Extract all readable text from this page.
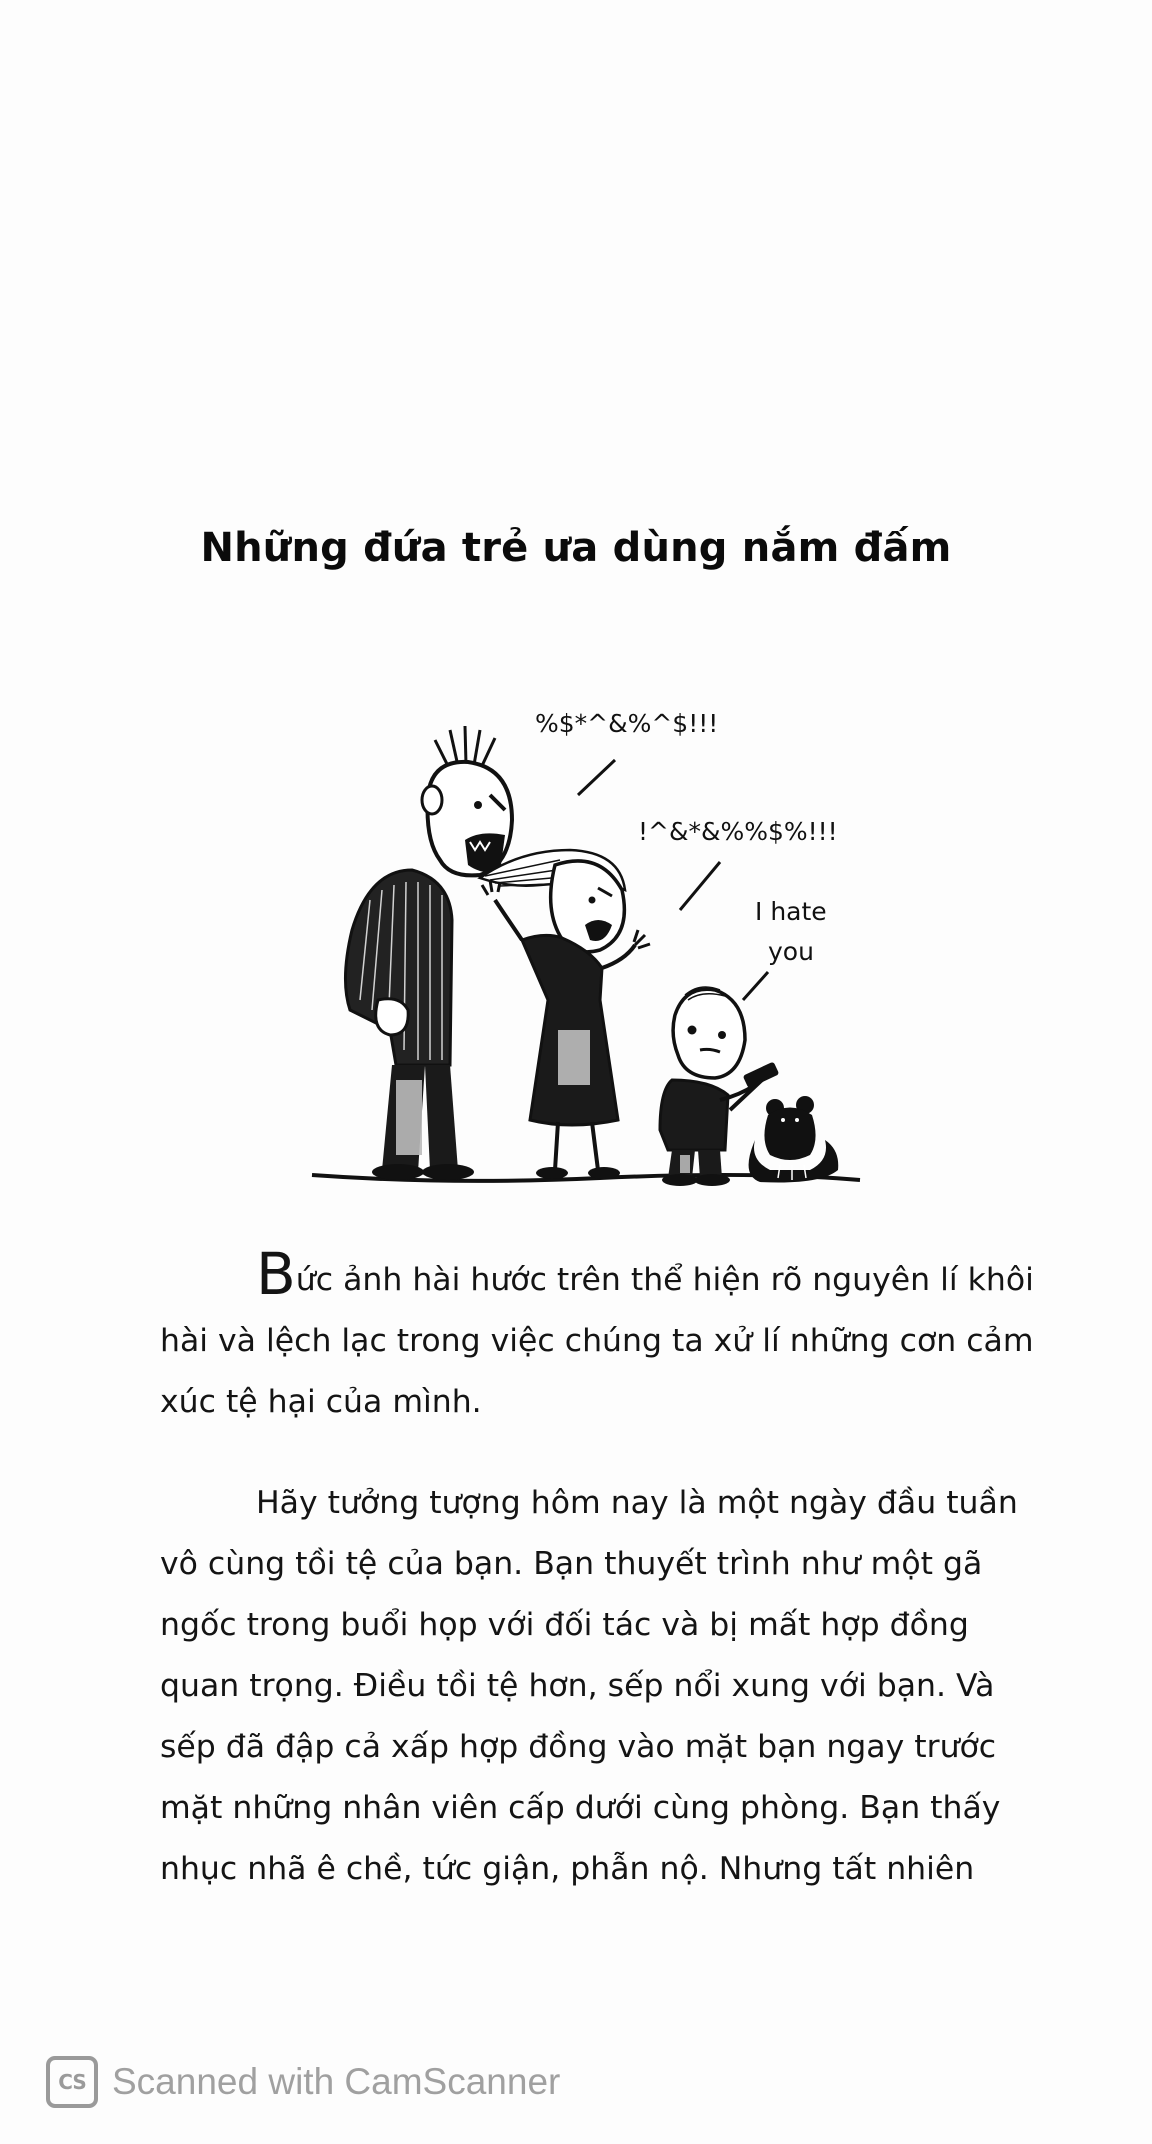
Những đứa trẻ ưa dùng nắm đấm
%$*^&%^$!!!
!^&*&%%$%!!!
I hate
you

Bức ảnh hài hước trên thể hiện rõ nguyên lí khôi hài và lệch lạc trong việc chúng ta xử lí những cơn cảm xúc tệ hại của mình.

Hãy tưởng tượng hôm nay là một ngày đầu tuần vô cùng tồi tệ của bạn. Bạn thuyết trình như một gã ngốc trong buổi họp với đối tác và bị mất hợp đồng quan trọng. Điều tồi tệ hơn, sếp nổi xung với bạn. Và sếp đã đập cả xấp hợp đồng vào mặt bạn ngay trước mặt những nhân viên cấp dưới cùng phòng. Bạn thấy nhục nhã ê chề, tức giận, phẫn nộ. Nhưng tất nhiên

CS Scanned with CamScanner
